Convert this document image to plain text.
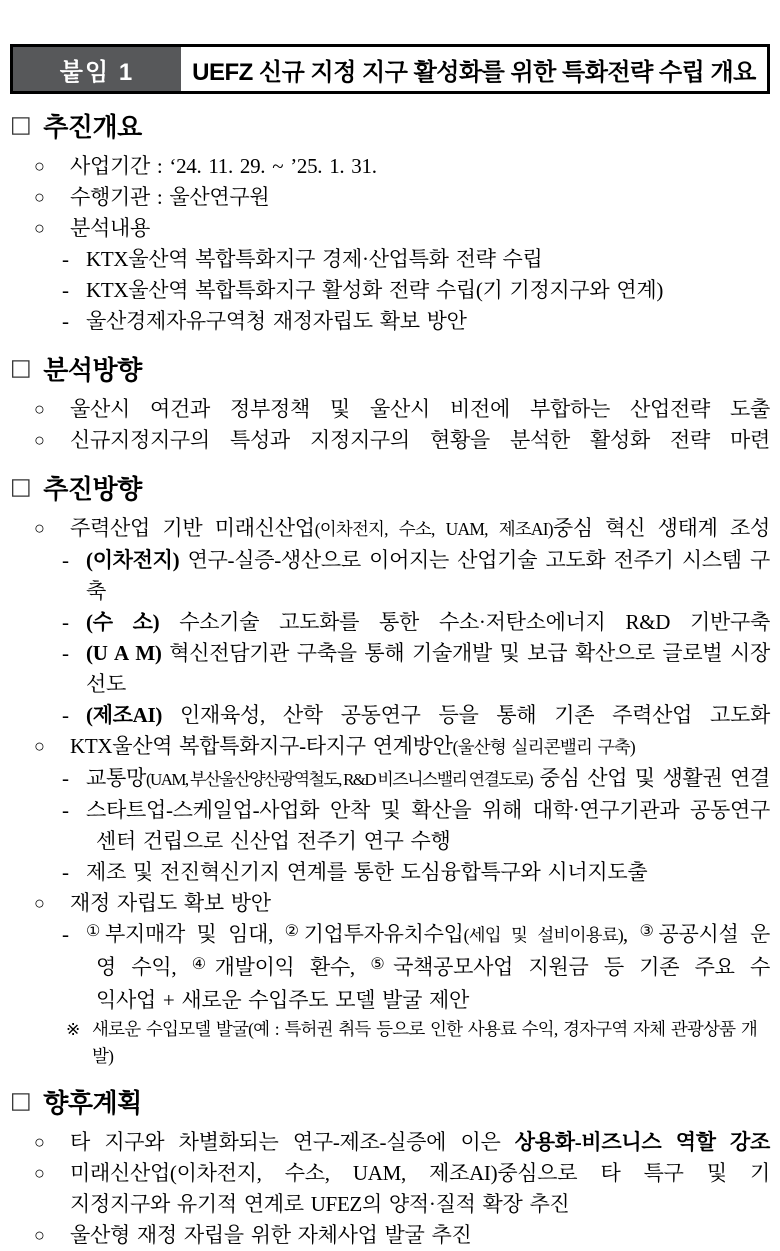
붙임 1	UEFZ 신규 지정 지구 활성화를 위한 특화전략 수립 개요
□ 추진개요
○	사업기간 : ‘24. 11. 29. ~ ’25. 1. 31.
○	수행기관 : 울산연구원
○	분석내용
- KTX울산역 복합특화지구 경제·산업특화 전략 수립
- KTX울산역 복합특화지구 활성화 전략 수립(기 기정지구와 연계)
- 울산경제자유구역청 재정자립도 확보 방안
□ 분석방향
○	울산시 여건과 정부정책 및 울산시 비전에 부합하는 산업전략 도출
○	신규지정지구의 특성과 지정지구의 현황을 분석한 활성화 전략 마련
□ 추진방향
○	주력산업 기반 미래신산업(이차전지, 수소, UAM, 제조AI)중심 혁신 생태계 조성
- (이차전지) 연구-실증-생산으로 이어지는 산업기술 고도화 전주기 시스템 구축
- (수 소) 수소기술 고도화를 통한 수소·저탄소에너지 R&D 기반구축
- (U A M) 혁신전담기관 구축을 통해 기술개발 및 보급 확산으로 글로벌 시장 선도
- (제조AI) 인재육성, 산학 공동연구 등을 통해 기존 주력산업 고도화
○	KTX울산역 복합특화지구-타지구 연계방안(울산형 실리콘밸리 구축)
- 교통망(UAM, 부산울산양산광역철도, R&D 비즈니스밸리 연결도로) 중심 산업 및 생활권 연결
- 스타트업-스케일업-사업화 안착 및 확산을 위해 대학·연구기관과 공동연구
센터 건립으로 신산업 전주기 연구 수행
- 제조 및 전진혁신기지 연계를 통한 도심융합특구와 시너지도출
○	재정 자립도 확보 방안
-	①부지매각 및 임대, ②기업투자유치수입(세입 및 설비이용료), ③공공시설 운
영 수익, ④개발이익 환수, ⑤국책공모사업 지원금 등 기존 주요 수
익사업 + 새로운 수입주도 모델 발굴 제안
※ 새로운 수입모델 발굴(예 : 특허권 취득 등으로 인한 사용료 수익, 경자구역 자체 관광상품 개발)
□ 향후계획
○	타 지구와 차별화되는 연구-제조-실증에 이은 상용화-비즈니스 역할 강조
○	미래신산업(이차전지, 수소, UAM, 제조AI)중심으로 타 특구 및 기
지정지구와 유기적 연계로 UFEZ의 양적·질적 확장 추진
○	울산형 재정 자립을 위한 자체사업 발굴 추진
